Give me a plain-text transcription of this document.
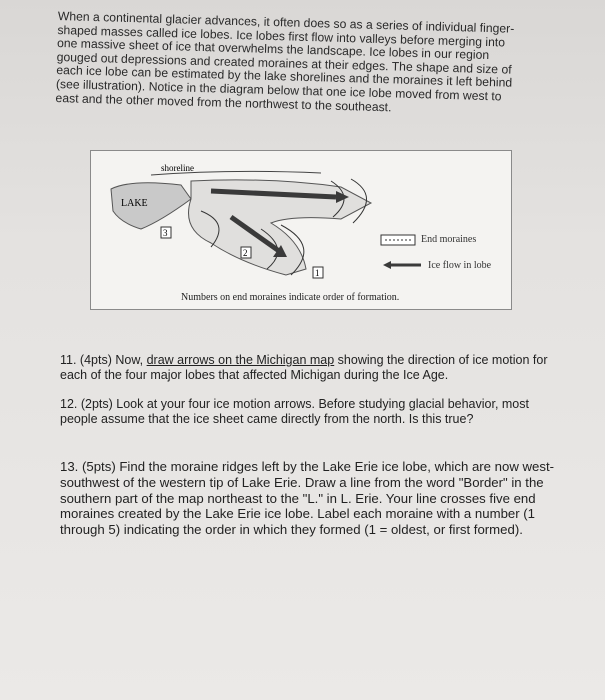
When a continental glacier advances, it often does so as a series of individual finger-shaped masses called ice lobes. Ice lobes first flow into valleys before merging into one massive sheet of ice that overwhelms the landscape. Ice lobes in our region gouged out depressions and created moraines at their edges. The shape and size of each ice lobe can be estimated by the lake shorelines and the moraines it left behind (see illustration). Notice in the diagram below that one ice lobe moved from west to east and the other moved from the northwest to the southeast.

3
2
1
LAKE
shoreline
End moraines
Ice flow in lobe
Numbers on end moraines indicate order of formation.

11. (4pts) Now, draw arrows on the Michigan map showing the direction of ice motion for each of the four major lobes that affected Michigan during the Ice Age.

12. (2pts) Look at your four ice motion arrows. Before studying glacial behavior, most people assume that the ice sheet came directly from the north. Is this true?

13. (5pts) Find the moraine ridges left by the Lake Erie ice lobe, which are now west-southwest of the western tip of Lake Erie. Draw a line from the word "Border" in the southern part of the map northeast to the "L." in L. Erie. Your line crosses five end moraines created by the Lake Erie ice lobe. Label each moraine with a number (1 through 5) indicating the order in which they formed (1 = oldest, or first formed).
